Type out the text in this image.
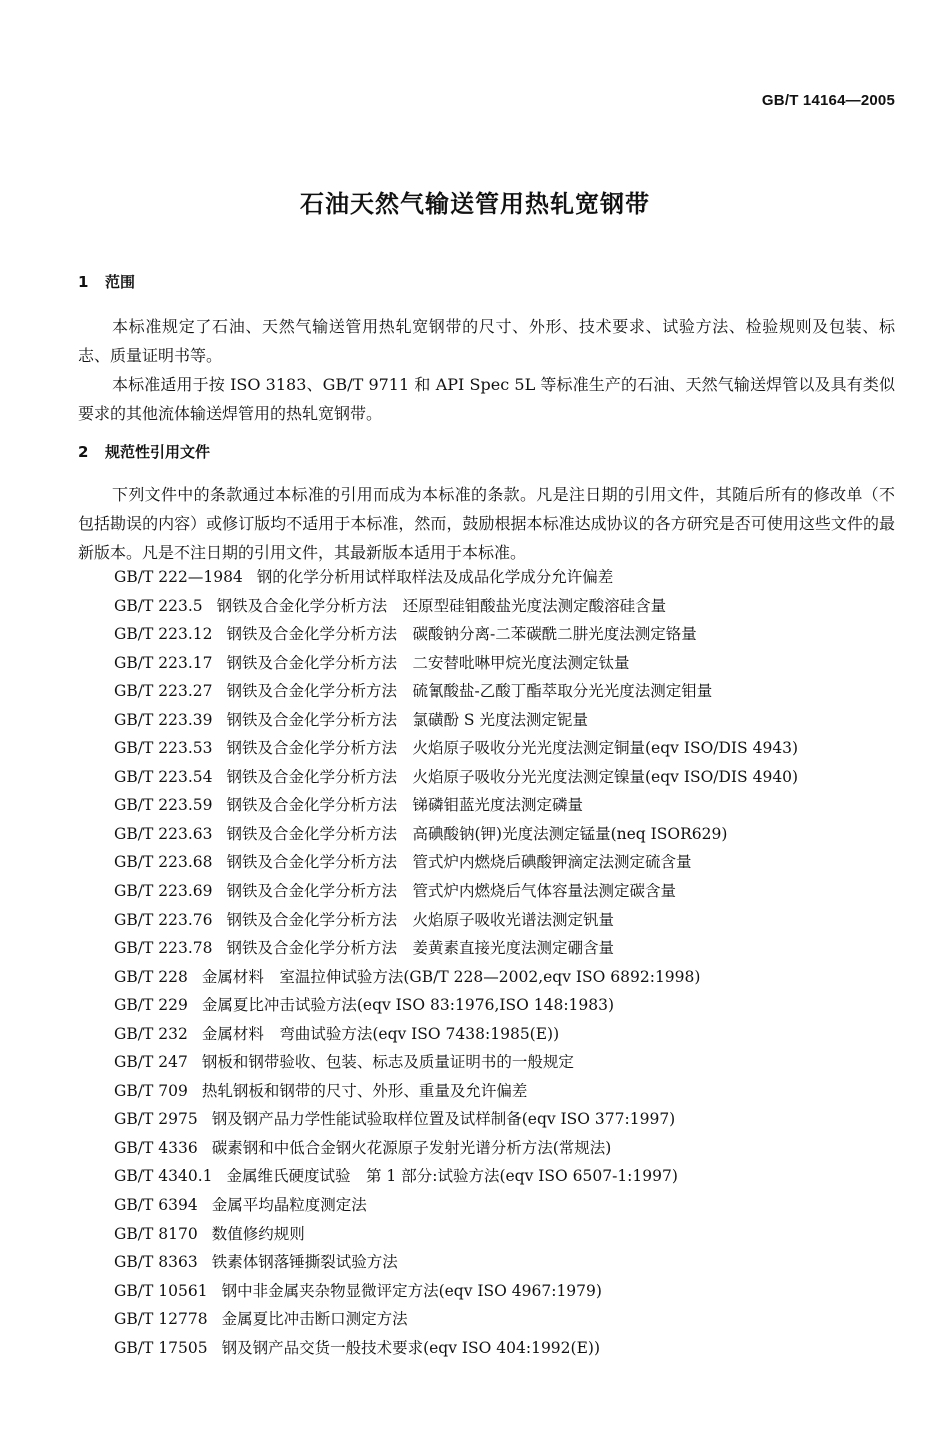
GB/T 14164—2005
石油天然气输送管用热轧宽钢带
1 范围

本标准规定了石油、天然气输送管用热轧宽钢带的尺寸、外形、技术要求、试验方法、检验规则及包装、标志、质量证明书等。

本标准适用于按 ISO 3183、GB/T 9711 和 API Spec 5L 等标准生产的石油、天然气输送焊管以及具有类似要求的其他流体输送焊管用的热轧宽钢带。

2 规范性引用文件

下列文件中的条款通过本标准的引用而成为本标准的条款。凡是注日期的引用文件，其随后所有的修改单（不包括勘误的内容）或修订版均不适用于本标准，然而，鼓励根据本标准达成协议的各方研究是否可使用这些文件的最新版本。凡是不注日期的引用文件，其最新版本适用于本标准。

GB/T 222—1984 钢的化学分析用试样取样法及成品化学成分允许偏差
GB/T 223.5 钢铁及合金化学分析方法　还原型硅钼酸盐光度法测定酸溶硅含量
GB/T 223.12 钢铁及合金化学分析方法　碳酸钠分离-二苯碳酰二肼光度法测定铬量
GB/T 223.17 钢铁及合金化学分析方法　二安替吡啉甲烷光度法测定钛量
GB/T 223.27 钢铁及合金化学分析方法　硫氰酸盐-乙酸丁酯萃取分光光度法测定钼量
GB/T 223.39 钢铁及合金化学分析方法　氯磺酚 S 光度法测定铌量
GB/T 223.53 钢铁及合金化学分析方法　火焰原子吸收分光光度法测定铜量(eqv ISO/DIS 4943)
GB/T 223.54 钢铁及合金化学分析方法　火焰原子吸收分光光度法测定镍量(eqv ISO/DIS 4940)
GB/T 223.59 钢铁及合金化学分析方法　锑磷钼蓝光度法测定磷量
GB/T 223.63 钢铁及合金化学分析方法　高碘酸钠(钾)光度法测定锰量(neq ISOR629)
GB/T 223.68 钢铁及合金化学分析方法　管式炉内燃烧后碘酸钾滴定法测定硫含量
GB/T 223.69 钢铁及合金化学分析方法　管式炉内燃烧后气体容量法测定碳含量
GB/T 223.76 钢铁及合金化学分析方法　火焰原子吸收光谱法测定钒量
GB/T 223.78 钢铁及合金化学分析方法　姜黄素直接光度法测定硼含量
GB/T 228 金属材料　室温拉伸试验方法(GB/T 228—2002,eqv ISO 6892:1998)
GB/T 229 金属夏比冲击试验方法(eqv ISO 83:1976,ISO 148:1983)
GB/T 232 金属材料　弯曲试验方法(eqv ISO 7438:1985(E))
GB/T 247 钢板和钢带验收、包装、标志及质量证明书的一般规定
GB/T 709 热轧钢板和钢带的尺寸、外形、重量及允许偏差
GB/T 2975 钢及钢产品力学性能试验取样位置及试样制备(eqv ISO 377:1997)
GB/T 4336 碳素钢和中低合金钢火花源原子发射光谱分析方法(常规法)
GB/T 4340.1 金属维氏硬度试验　第 1 部分:试验方法(eqv ISO 6507-1:1997)
GB/T 6394 金属平均晶粒度测定法
GB/T 8170 数值修约规则
GB/T 8363 铁素体钢落锤撕裂试验方法
GB/T 10561 钢中非金属夹杂物显微评定方法(eqv ISO 4967:1979)
GB/T 12778 金属夏比冲击断口测定方法
GB/T 17505 钢及钢产品交货一般技术要求(eqv ISO 404:1992(E))
